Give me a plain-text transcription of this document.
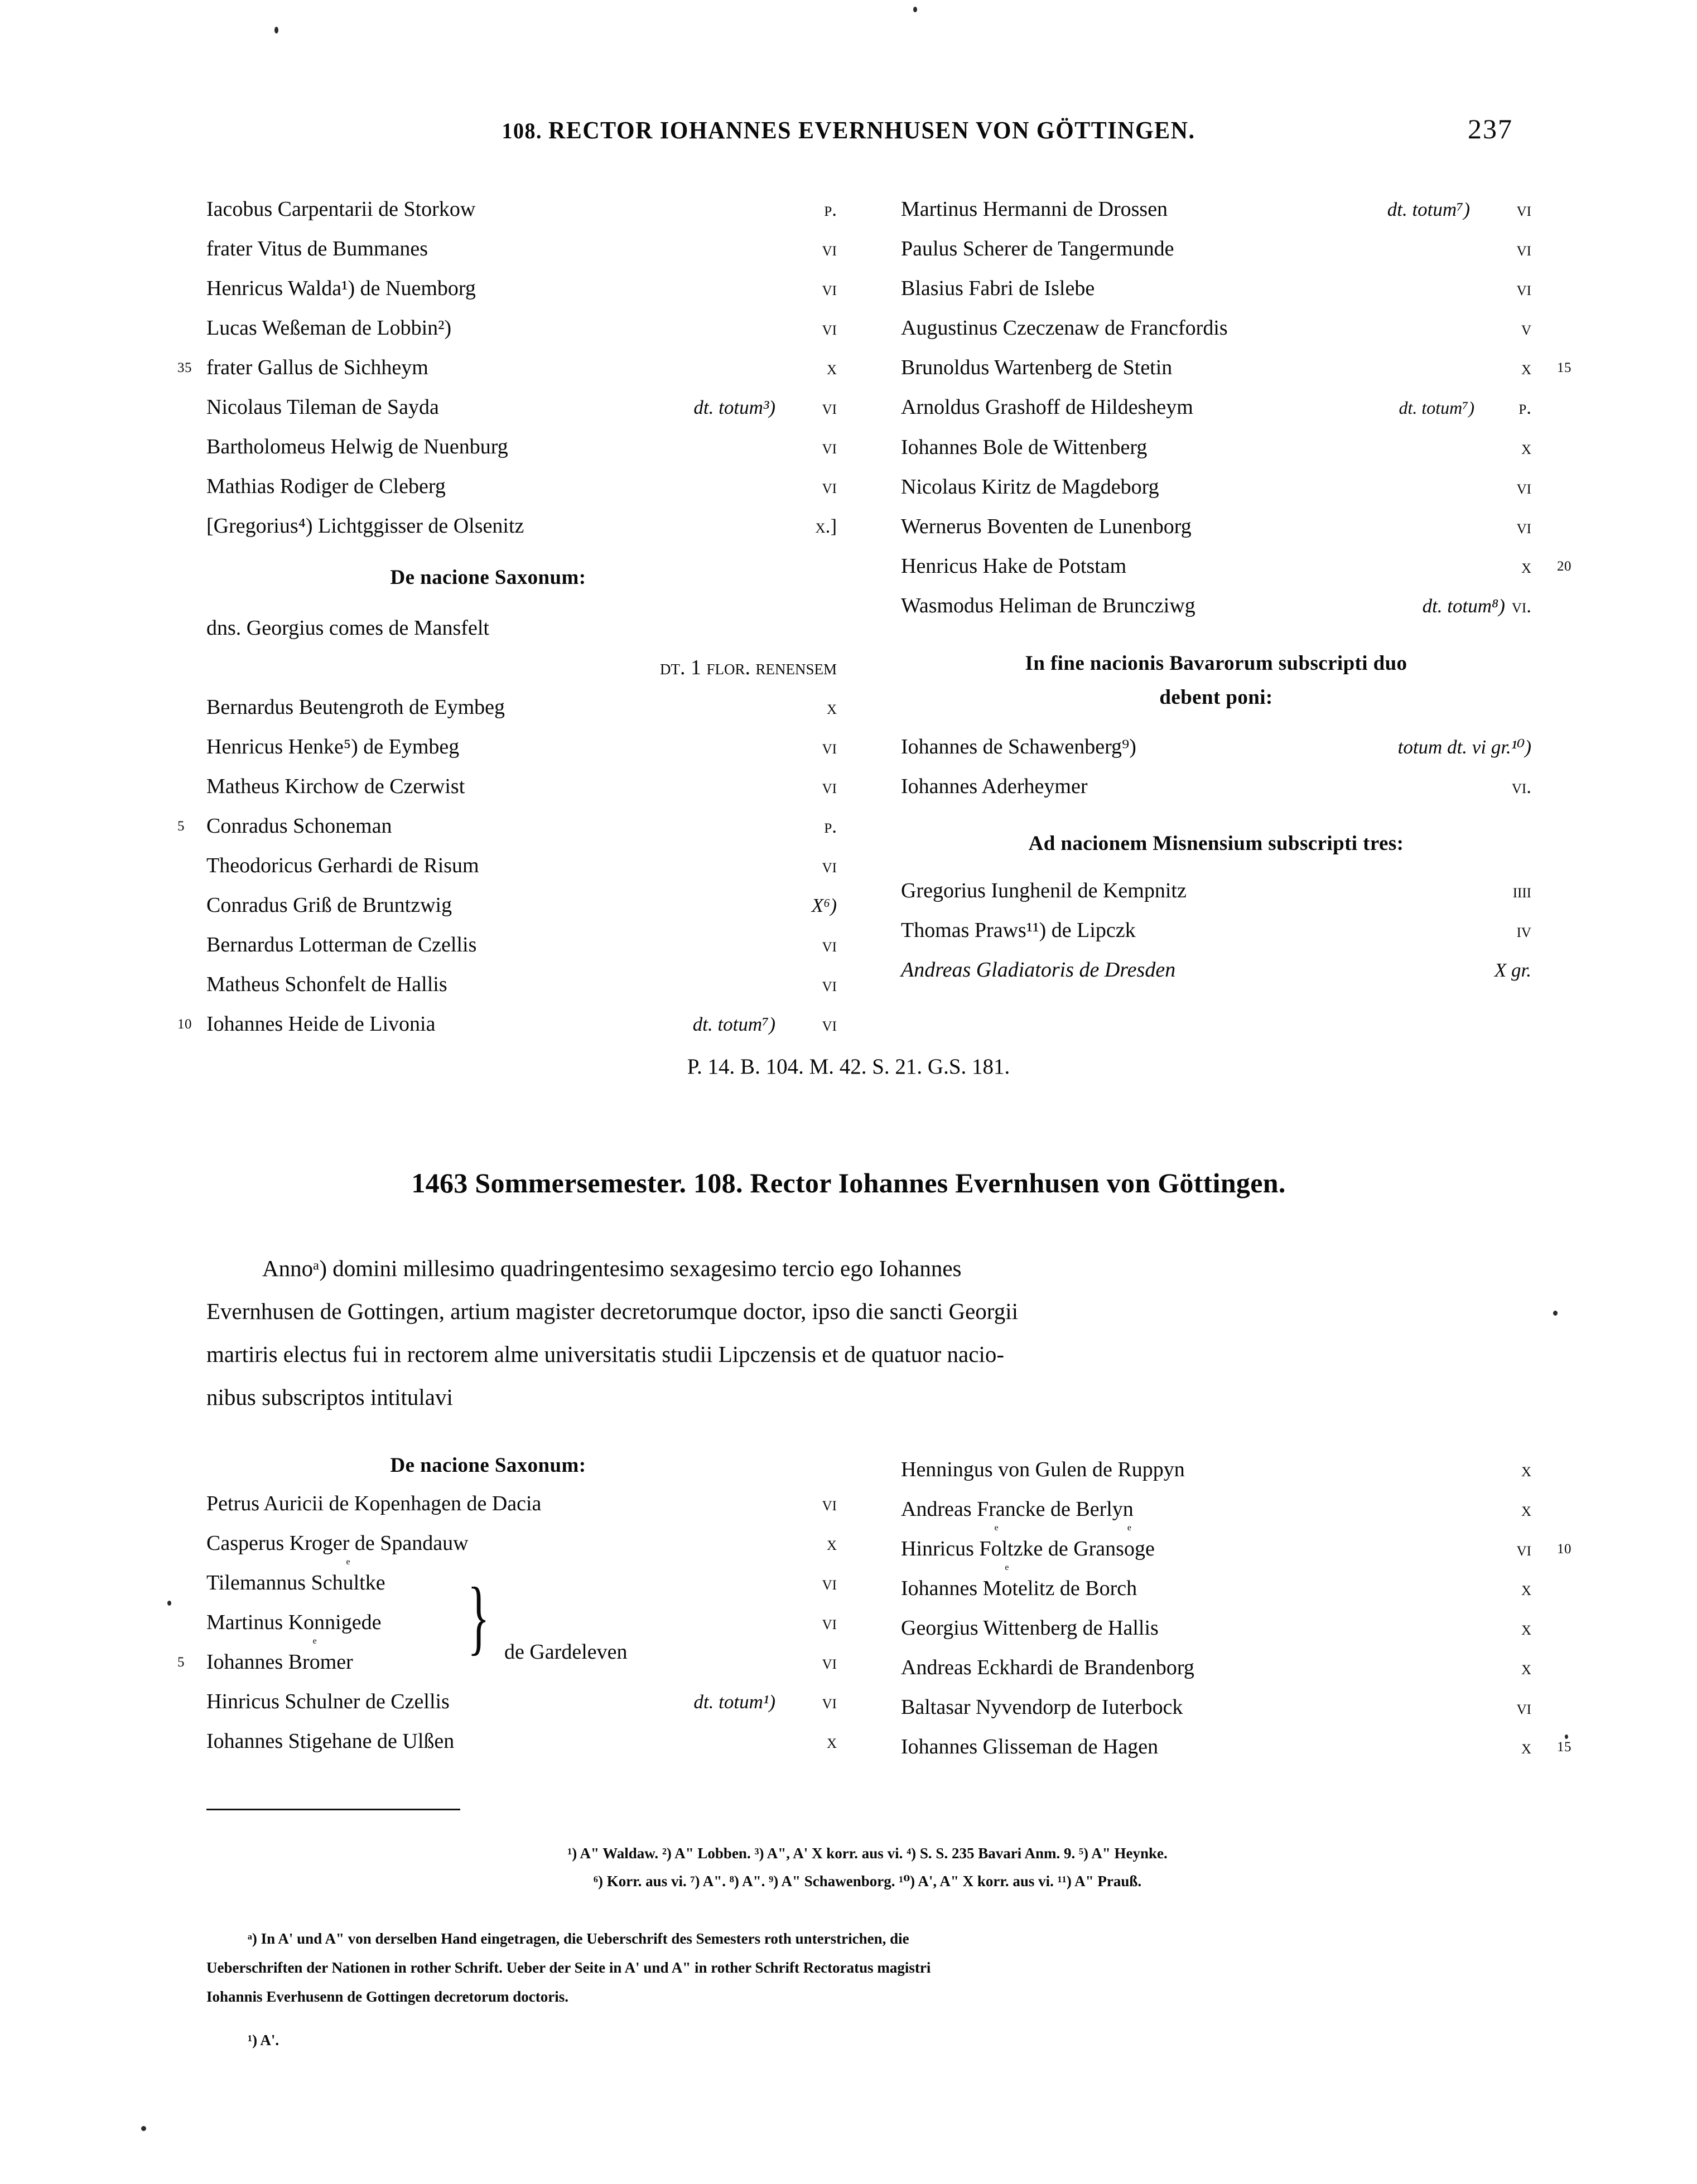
108. RECTOR IOHANNES EVERNHUSEN VON GÖTTINGEN.	237
Iacobus Carpentarii de Storkow	p.
frater Vitus de Bummanes	vi
Henricus Walda¹) de Nuemborg	vi
Lucas Weßeman de Lobbin²)	vi
35 frater Gallus de Sichheym	x
Nicolaus Tileman de Sayda	dt. totum³)	vi
Bartholomeus Helwig de Nuenburg	vi
Mathias Rodiger de Cleberg	vi
[Gregorius⁴) Lichtggisser de Olsenitz	x.]
De nacione Saxonum:
dns. Georgius comes de Mansfelt
dt. 1 flor. renensem
Bernardus Beutengroth de Eymbeg	x
Henricus Henke⁵) de Eymbeg	vi
Matheus Kirchow de Czerwist	vi
5 Conradus Schoneman	p.
Theodoricus Gerhardi de Risum	vi
Conradus Griß de Bruntzwig	X⁶)
Bernardus Lotterman de Czellis	vi
Matheus Schonfelt de Hallis	vi
10 Iohannes Heide de Livonia	dt. totum⁷)	vi
Martinus Hermanni de Drossen	dt. totum⁷)	vi
Paulus Scherer de Tangermunde	vi
Blasius Fabri de Islebe	vi
Augustinus Czeczenaw de Francfordis	v
15
Brunoldus Wartenberg de Stetin	x
Arnoldus Grashoff de Hildesheym	dt. totum⁷)	p.
Iohannes Bole de Wittenberg	x
Nicolaus Kiritz de Magdeborg	vi
Wernerus Boventen de Lunenborg	vi
20
Henricus Hake de Potstam	x
Wasmodus Heliman de Bruncziwg	dt. totum⁸) vi.
In fine nacionis Bavarorum subscripti duo
debent poni:
Iohannes de Schawenberg⁹)	totum dt. vi gr.¹⁰)
Iohannes Aderheymer	vi.
Ad nacionem Misnensium subscripti tres:
Gregorius Iunghenil de Kempnitz	iiii
Thomas Praws¹¹) de Lipczk	iv
Andreas Gladiatoris de Dresden	X gr.
P. 14. B. 104. M. 42. S. 21. G.S. 181.
1463 Sommersemester. 108. Rector Iohannes Evernhusen von Göttingen.
Annoᵃ) domini millesimo quadringentesimo sexagesimo tercio ego Iohannes
Evernhusen de Gottingen, artium magister decretorumque doctor, ipso die sancti Georgii
martiris electus fui in rectorem alme universitatis studii Lipczensis et de quatuor nacio-
nibus subscriptos intitulavi
De nacione Saxonum:
Petrus Auricii de Kopenhagen de Dacia	vi
Casperus Kroger de Spandauw	x
Tilemannus Schu
e
ltke	vi
Martinus Konnigede	vi
5 Iohannes Bro
e
mer	vi
Hinricus Schulner de Czellis	dt. totum¹)	vi
Iohannes Stigehane de Ulßen	x
} de Gardeleven
Henningus von Gulen de Ruppyn	x
Andreas Francke de Berlyn	x
10
Hinricus Fo
e
ltzke de Granso
e
ge	vi
Iohannes Mo
e
telitz de Borch	x
Georgius Wittenberg de Hallis	x
Andreas Eckhardi de Brandenborg	x
Baltasar Nyvendorp de Iuterbock	vi
15
Iohannes Glisseman de Hagen	x
¹) A" Waldaw. ²) A" Lobben. ³) A", A' X korr. aus vi. ⁴) S. S. 235 Bavari Anm. 9. ⁵) A" Heynke.
⁶) Korr. aus vi. ⁷) A". ⁸) A". ⁹) A" Schawenborg. ¹⁰) A', A" X korr. aus vi. ¹¹) A" Prauß.
ᵃ) In A' und A" von derselben Hand eingetragen, die Ueberschrift des Semesters roth unterstrichen, die
Ueberschriften der Nationen in rother Schrift. Ueber der Seite in A' und A" in rother Schrift Rectoratus magistri
Iohannis Everhusenn de Gottingen decretorum doctoris.
¹) A'.
